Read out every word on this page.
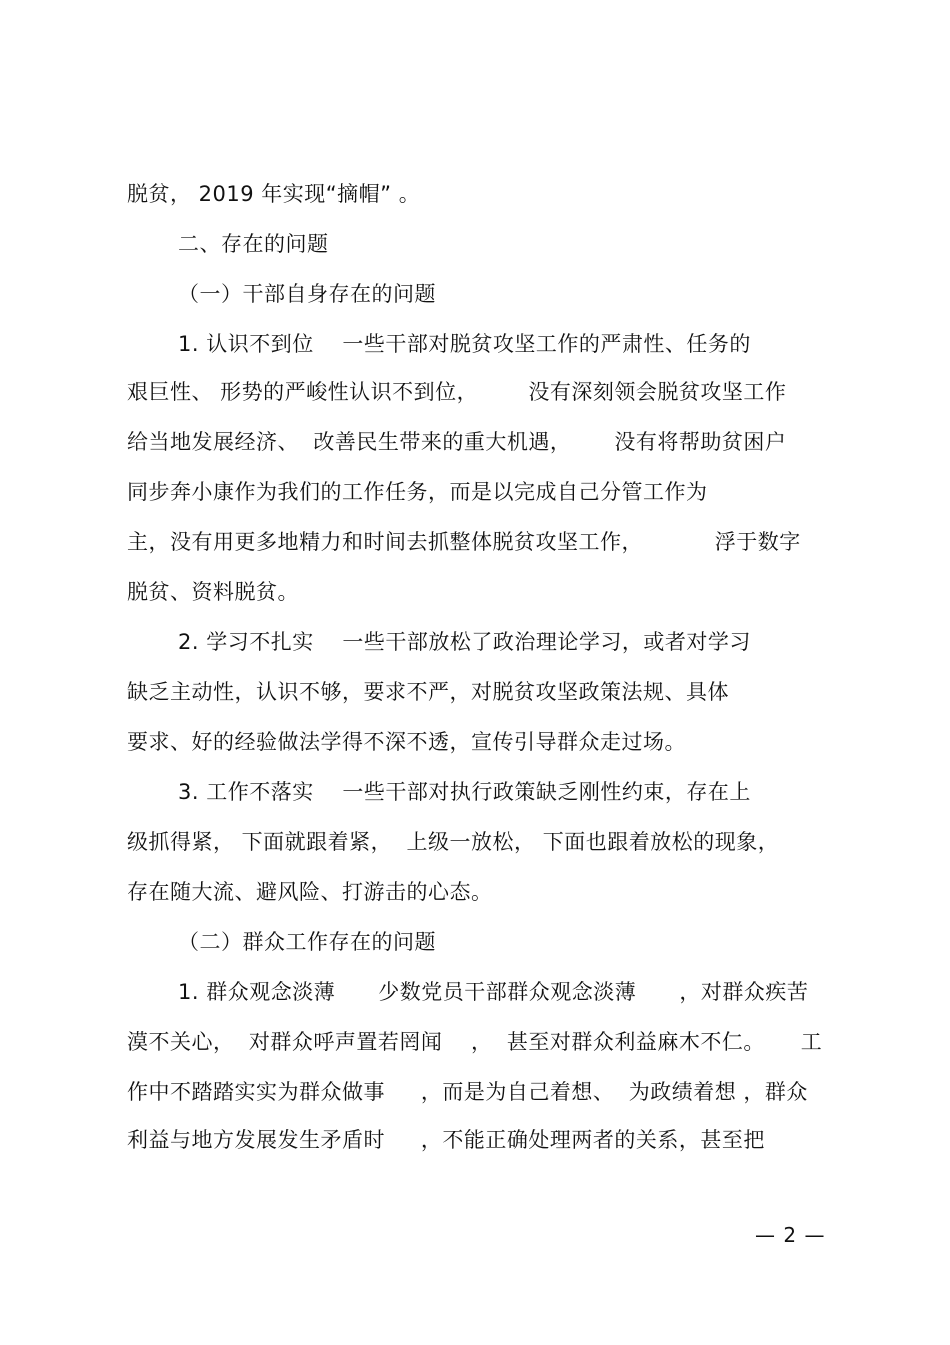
脱贫， 2019 年实现“摘帽” 。
二、存在的问题
（一）干部自身存在的问题
1. 认识不到位    一些干部对脱贫攻坚工作的严肃性、任务的
艰巨性、 形势的严峻性认识不到位，       没有深刻领会脱贫攻坚工作
给当地发展经济、  改善民生带来的重大机遇，      没有将帮助贫困户
同步奔小康作为我们的工作任务，而是以完成自己分管工作为
主，没有用更多地精力和时间去抓整体脱贫攻坚工作，          浮于数字
脱贫、资料脱贫。
2. 学习不扎实    一些干部放松了政治理论学习，或者对学习
缺乏主动性，认识不够，要求不严，对脱贫攻坚政策法规、具体
要求、好的经验做法学得不深不透，宣传引导群众走过场。
3. 工作不落实    一些干部对执行政策缺乏刚性约束，存在上
级抓得紧， 下面就跟着紧，  上级一放松， 下面也跟着放松的现象，
存在随大流、避风险、打游击的心态。
（二）群众工作存在的问题
1. 群众观念淡薄      少数党员干部群众观念淡薄      ，对群众疾苦
漠不关心，  对群众呼声置若罔闻    ，  甚至对群众利益麻木不仁。     工
作中不踏踏实实为群众做事     ，而是为自己着想、  为政绩着想 ，群众
利益与地方发展发生矛盾时     ，不能正确处理两者的关系，甚至把
— 2 —
